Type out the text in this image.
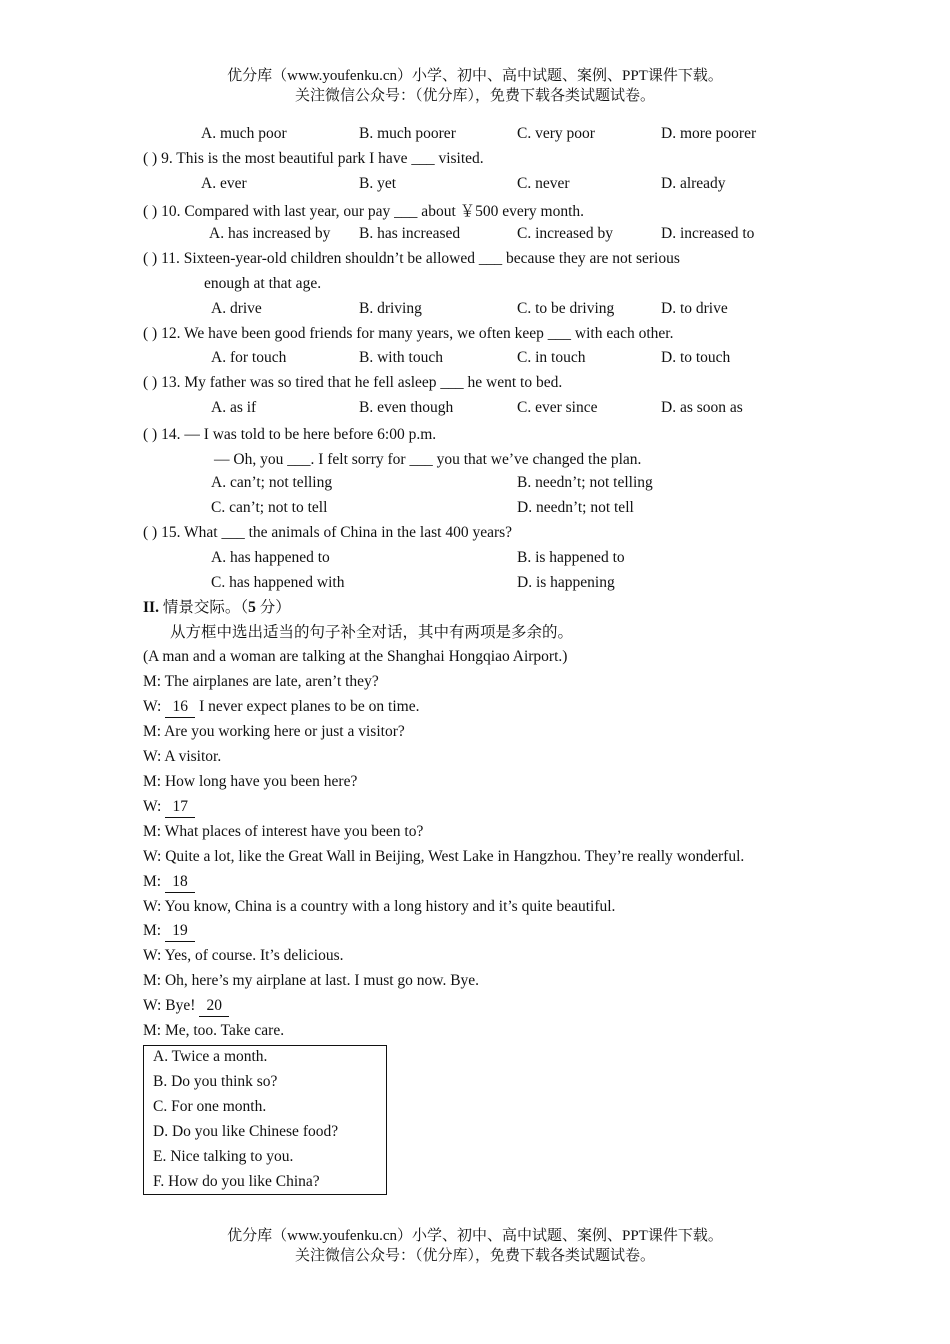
优分库（www.youfenku.cn）小学、初中、高中试题、案例、PPT课件下载。
关注微信公众号：（优分库），免费下载各类试题试卷。
A. much poor	B. much poorer	C. very poor	D. more poorer
( ) 9. This is the most beautiful park I have ___ visited.
A. ever	B. yet	C. never	D. already
( ) 10. Compared with last year, our pay ___ about ￥500 every month.
A. has increased by B. has increased	C. increased by	D. increased to
( ) 11. Sixteen-year-old children shouldn’t be allowed ___ because they are not serious
enough at that age.
A. drive	B. driving	C. to be driving	D. to drive
( ) 12. We have been good friends for many years, we often keep ___ with each other.
A. for touch	B. with touch	C. in touch	D. to touch
( ) 13. My father was so tired that he fell asleep ___ he went to bed.
A. as if	B. even though	C. ever since	D. as soon as
( ) 14. — I was told to be here before 6:00 p.m.
— Oh, you ___. I felt sorry for ___ you that we’ve changed the plan.
A. can’t; not telling	B. needn’t; not telling
C. can’t; not to tell	D. needn’t; not tell
( ) 15. What ___ the animals of China in the last 400 years?
A. has happened to	B. is happened to
C. has happened with	D. is happening
II. 情景交际。（5 分）
从方框中选出适当的句子补全对话，其中有两项是多余的。
(A man and a woman are talking at the Shanghai Hongqiao Airport.)
M: The airplanes are late, aren’t they?
W: 16 I never expect planes to be on time.
M: Are you working here or just a visitor?
W: A visitor.
M: How long have you been here?
W: 17
M: What places of interest have you been to?
W: Quite a lot, like the Great Wall in Beijing, West Lake in Hangzhou. They’re really wonderful.
M: 18
W: You know, China is a country with a long history and it’s quite beautiful.
M: 19
W: Yes, of course. It’s delicious.
M: Oh, here’s my airplane at last. I must go now. Bye.
W: Bye! 20
M: Me, too. Take care.
A. Twice a month.
B. Do you think so?
C. For one month.
D. Do you like Chinese food?
E. Nice talking to you.
F. How do you like China?
优分库（www.youfenku.cn）小学、初中、高中试题、案例、PPT课件下载。
关注微信公众号：（优分库），免费下载各类试题试卷。
